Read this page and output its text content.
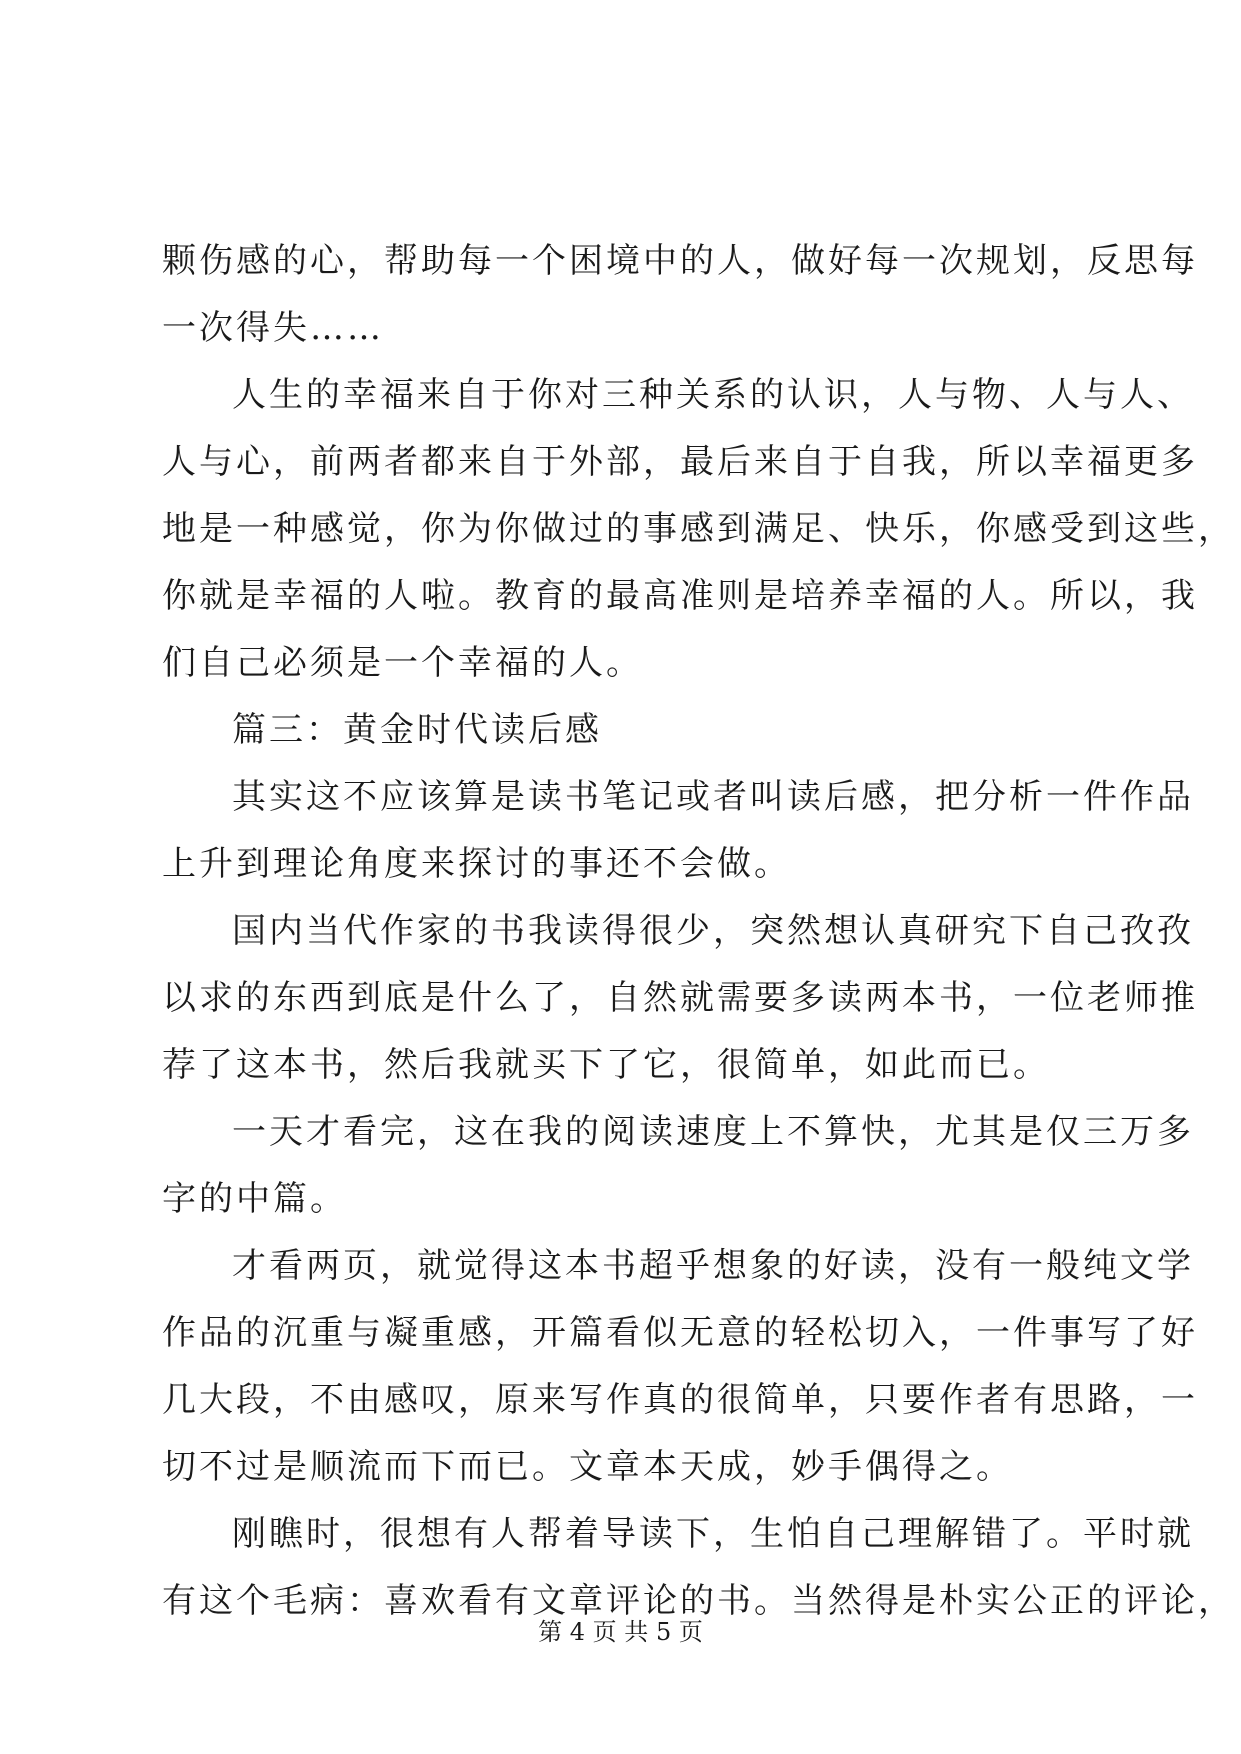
颗伤感的心，帮助每一个困境中的人，做好每一次规划，反思每
一次得失……
人生的幸福来自于你对三种关系的认识，人与物、人与人、
人与心，前两者都来自于外部，最后来自于自我，所以幸福更多
地是一种感觉，你为你做过的事感到满足、快乐，你感受到这些，
你就是幸福的人啦。教育的最高准则是培养幸福的人。所以，我
们自己必须是一个幸福的人。
篇三：黄金时代读后感
其实这不应该算是读书笔记或者叫读后感，把分析一件作品
上升到理论角度来探讨的事还不会做。
国内当代作家的书我读得很少，突然想认真研究下自己孜孜
以求的东西到底是什么了，自然就需要多读两本书，一位老师推
荐了这本书，然后我就买下了它，很简单，如此而已。
一天才看完，这在我的阅读速度上不算快，尤其是仅三万多
字的中篇。
才看两页，就觉得这本书超乎想象的好读，没有一般纯文学
作品的沉重与凝重感，开篇看似无意的轻松切入，一件事写了好
几大段，不由感叹，原来写作真的很简单，只要作者有思路，一
切不过是顺流而下而已。文章本天成，妙手偶得之。
刚瞧时，很想有人帮着导读下，生怕自己理解错了。平时就
有这个毛病：喜欢看有文章评论的书。当然得是朴实公正的评论，
第 4 页 共 5 页
